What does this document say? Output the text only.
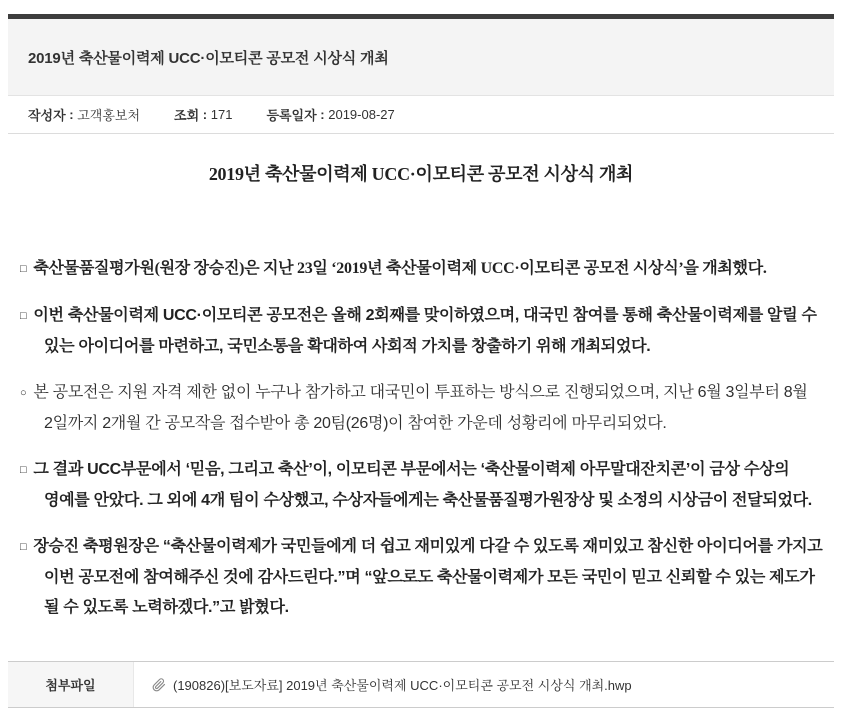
2019년 축산물이력제 UCC·이모티콘 공모전 시상식 개최
작성자 : 고객홍보처	조회 : 171	등록일자 : 2019-08-27
2019년 축산물이력제 UCC·이모티콘 공모전 시상식 개최

□ 축산물품질평가원(원장 장승진)은 지난 23일 ‘2019년 축산물이력제 UCC·이모티콘 공모전 시상식’을 개최했다.

□ 이번 축산물이력제 UCC·이모티콘 공모전은 올해 2회째를 맞이하였으며, 대국민 참여를 통해 축산물이력제를 알릴 수 있는 아이디어를 마련하고, 국민소통을 확대하여 사회적 가치를 창출하기 위해 개최되었다.

○ 본 공모전은 지원 자격 제한 없이 누구나 참가하고 대국민이 투표하는 방식으로 진행되었으며, 지난 6월 3일부터 8월 2일까지 2개월 간 공모작을 접수받아 총 20팀(26명)이 참여한 가운데 성황리에 마무리되었다.

□ 그 결과 UCC부문에서 ‘믿음, 그리고 축산’이, 이모티콘 부문에서는 ‘축산물이력제 아무말대잔치콘’이 금상 수상의 영예를 안았다. 그 외에 4개 팀이 수상했고, 수상자들에게는 축산물품질평가원장상 및 소정의 시상금이 전달되었다.

□ 장승진 축평원장은 “축산물이력제가 국민들에게 더 쉽고 재미있게 다갈 수 있도록 재미있고 참신한 아이디어를 가지고 이번 공모전에 참여해주신 것에 감사드린다.”며 “앞으로도 축산물이력제가 모든 국민이 믿고 신뢰할 수 있는 제도가 될 수 있도록 노력하겠다.”고 밝혔다.

첨부파일	(190826)[보도자료] 2019년 축산물이력제 UCC·이모티콘 공모전 시상식 개최.hwp
